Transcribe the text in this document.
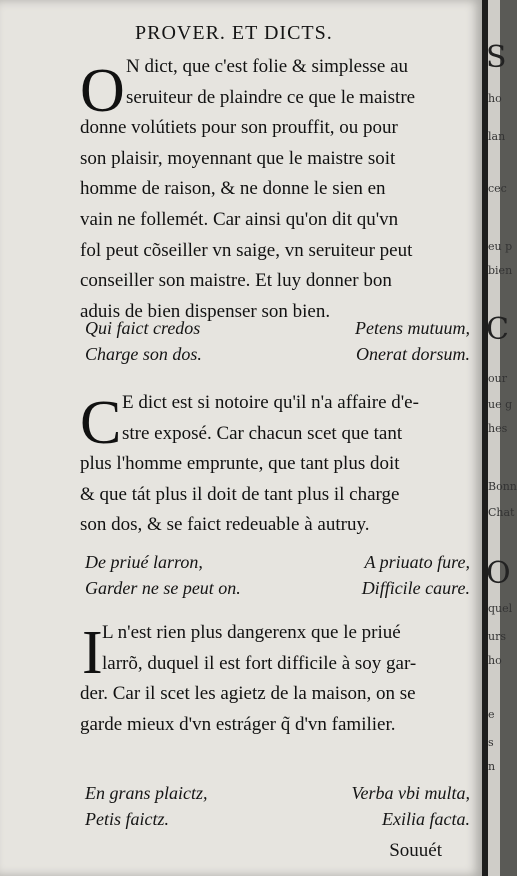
PROVER. ET DICTS.
O N dict, que c'est folie & simplesse au
seruiteur de plaindre ce que le maistre
donne volútiets pour son prouffit, ou pour
son plaisir, moyennant que le maistre soit
homme de raison, & ne donne le sien en
vain ne follemét. Car ainsi qu'on dit qu'vn
fol peut cõseiller vn saige, vn seruiteur peut
conseiller son maistre. Et luy donner bon
aduis de bien dispenser son bien.
Qui faict credos	Petens mutuum,
Charge son dos.	Onerat dorsum.
C E dict est si notoire qu'il n'a affaire d'e-
stre exposé. Car chacun scet que tant
plus l'homme emprunte, que tant plus doit
& que tát plus il doit de tant plus il charge
son dos, & se faict redeuable à autruy.
De priué larron,	A priuato fure,
Garder ne se peut on.	Difficile caure.
I L n'est rien plus dangerenx que le priué
larrõ, duquel il est fort difficile à soy gar-
der. Car il scet les agietz de la maison, on se
garde mieux d'vn estráger q̃ d'vn familier.
En grans plaictz,	Verba vbi multa,
Petis faictz.	Exilia facta.
Souuét
S
ho
lan
cec
eu p
bien
C
our
ue g
hes
Bonn
Chat
O
quel
urs
ho
e
s
n
